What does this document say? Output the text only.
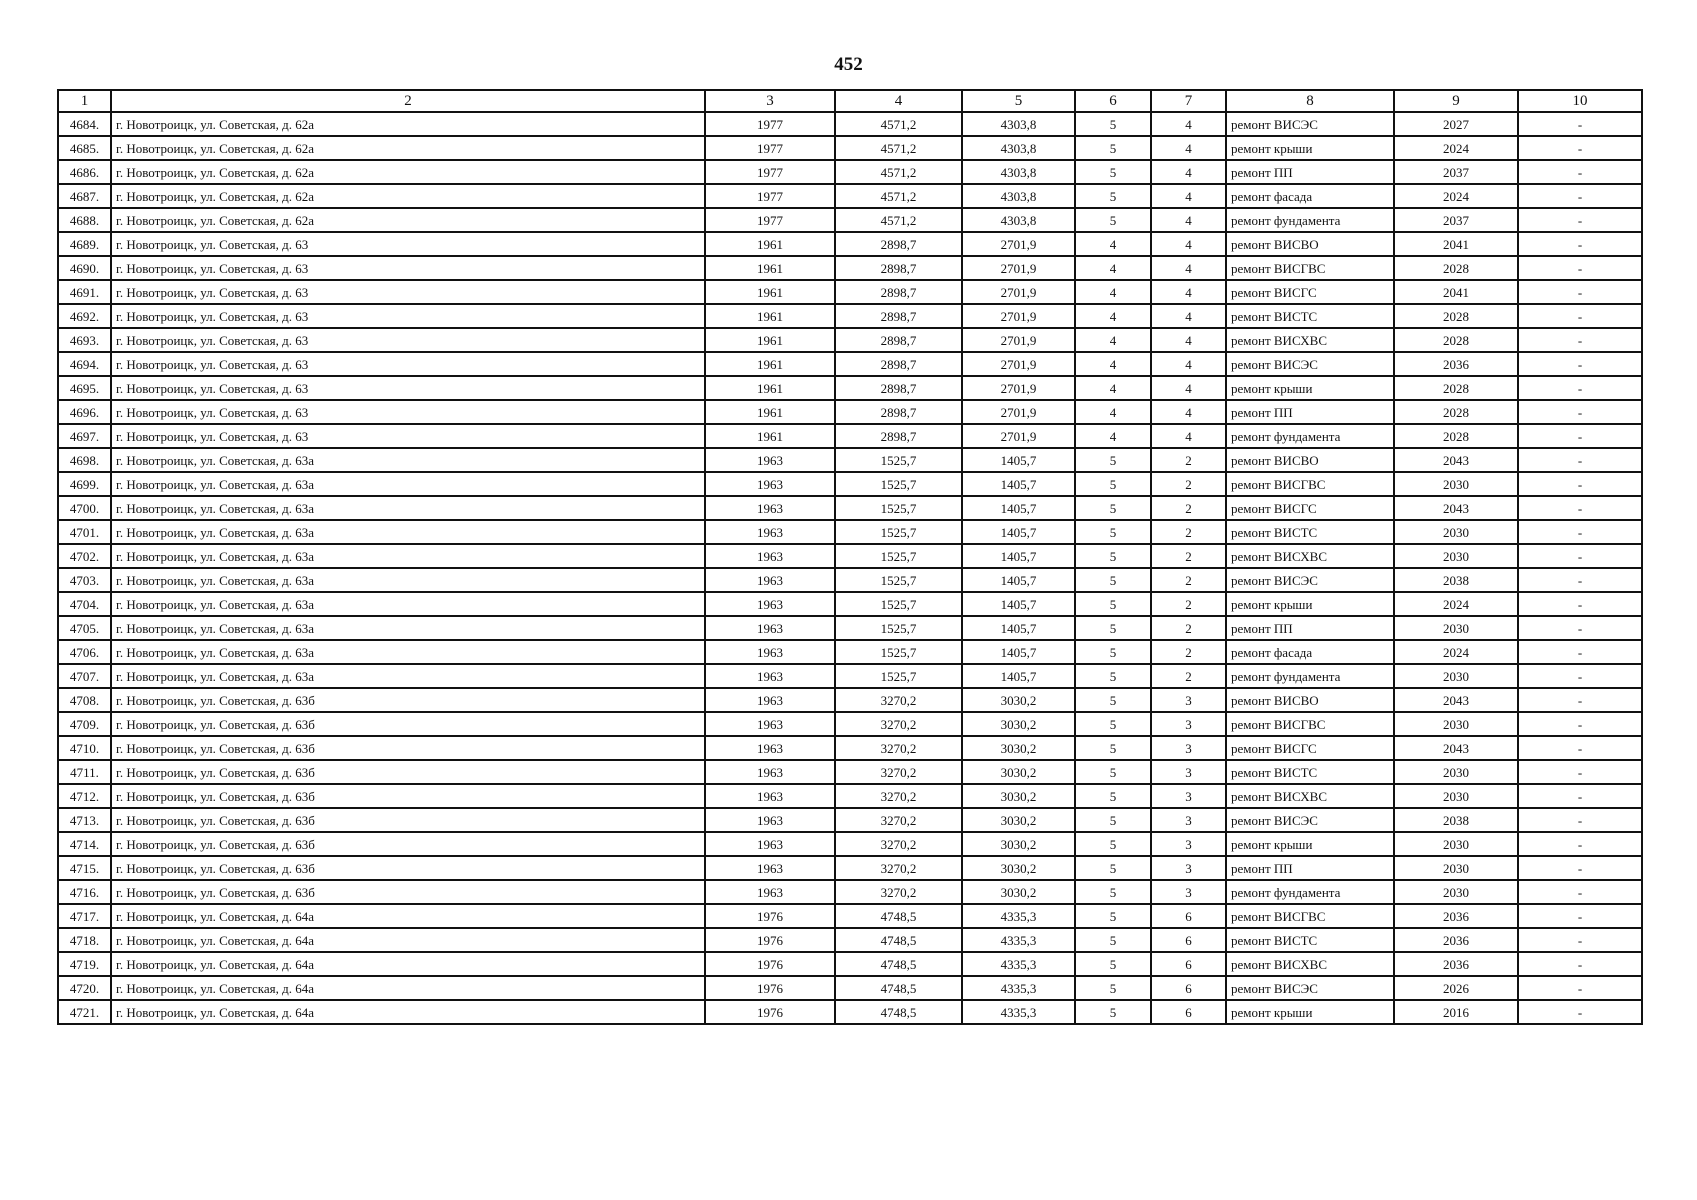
452
1	2	3	4	5	6	7	8	9	10
4684.	г. Новотроицк, ул. Советская, д. 62а	1977	4571,2	4303,8	5	4	ремонт ВИСЭС	2027	-
4685.	г. Новотроицк, ул. Советская, д. 62а	1977	4571,2	4303,8	5	4	ремонт крыши	2024	-
4686.	г. Новотроицк, ул. Советская, д. 62а	1977	4571,2	4303,8	5	4	ремонт ПП	2037	-
4687.	г. Новотроицк, ул. Советская, д. 62а	1977	4571,2	4303,8	5	4	ремонт фасада	2024	-
4688.	г. Новотроицк, ул. Советская, д. 62а	1977	4571,2	4303,8	5	4	ремонт фундамента	2037	-
4689.	г. Новотроицк, ул. Советская, д. 63	1961	2898,7	2701,9	4	4	ремонт ВИСВО	2041	-
4690.	г. Новотроицк, ул. Советская, д. 63	1961	2898,7	2701,9	4	4	ремонт ВИСГВС	2028	-
4691.	г. Новотроицк, ул. Советская, д. 63	1961	2898,7	2701,9	4	4	ремонт ВИСГС	2041	-
4692.	г. Новотроицк, ул. Советская, д. 63	1961	2898,7	2701,9	4	4	ремонт ВИСТС	2028	-
4693.	г. Новотроицк, ул. Советская, д. 63	1961	2898,7	2701,9	4	4	ремонт ВИСХВС	2028	-
4694.	г. Новотроицк, ул. Советская, д. 63	1961	2898,7	2701,9	4	4	ремонт ВИСЭС	2036	-
4695.	г. Новотроицк, ул. Советская, д. 63	1961	2898,7	2701,9	4	4	ремонт крыши	2028	-
4696.	г. Новотроицк, ул. Советская, д. 63	1961	2898,7	2701,9	4	4	ремонт ПП	2028	-
4697.	г. Новотроицк, ул. Советская, д. 63	1961	2898,7	2701,9	4	4	ремонт фундамента	2028	-
4698.	г. Новотроицк, ул. Советская, д. 63а	1963	1525,7	1405,7	5	2	ремонт ВИСВО	2043	-
4699.	г. Новотроицк, ул. Советская, д. 63а	1963	1525,7	1405,7	5	2	ремонт ВИСГВС	2030	-
4700.	г. Новотроицк, ул. Советская, д. 63а	1963	1525,7	1405,7	5	2	ремонт ВИСГС	2043	-
4701.	г. Новотроицк, ул. Советская, д. 63а	1963	1525,7	1405,7	5	2	ремонт ВИСТС	2030	-
4702.	г. Новотроицк, ул. Советская, д. 63а	1963	1525,7	1405,7	5	2	ремонт ВИСХВС	2030	-
4703.	г. Новотроицк, ул. Советская, д. 63а	1963	1525,7	1405,7	5	2	ремонт ВИСЭС	2038	-
4704.	г. Новотроицк, ул. Советская, д. 63а	1963	1525,7	1405,7	5	2	ремонт крыши	2024	-
4705.	г. Новотроицк, ул. Советская, д. 63а	1963	1525,7	1405,7	5	2	ремонт ПП	2030	-
4706.	г. Новотроицк, ул. Советская, д. 63а	1963	1525,7	1405,7	5	2	ремонт фасада	2024	-
4707.	г. Новотроицк, ул. Советская, д. 63а	1963	1525,7	1405,7	5	2	ремонт фундамента	2030	-
4708.	г. Новотроицк, ул. Советская, д. 63б	1963	3270,2	3030,2	5	3	ремонт ВИСВО	2043	-
4709.	г. Новотроицк, ул. Советская, д. 63б	1963	3270,2	3030,2	5	3	ремонт ВИСГВС	2030	-
4710.	г. Новотроицк, ул. Советская, д. 63б	1963	3270,2	3030,2	5	3	ремонт ВИСГС	2043	-
4711.	г. Новотроицк, ул. Советская, д. 63б	1963	3270,2	3030,2	5	3	ремонт ВИСТС	2030	-
4712.	г. Новотроицк, ул. Советская, д. 63б	1963	3270,2	3030,2	5	3	ремонт ВИСХВС	2030	-
4713.	г. Новотроицк, ул. Советская, д. 63б	1963	3270,2	3030,2	5	3	ремонт ВИСЭС	2038	-
4714.	г. Новотроицк, ул. Советская, д. 63б	1963	3270,2	3030,2	5	3	ремонт крыши	2030	-
4715.	г. Новотроицк, ул. Советская, д. 63б	1963	3270,2	3030,2	5	3	ремонт ПП	2030	-
4716.	г. Новотроицк, ул. Советская, д. 63б	1963	3270,2	3030,2	5	3	ремонт фундамента	2030	-
4717.	г. Новотроицк, ул. Советская, д. 64а	1976	4748,5	4335,3	5	6	ремонт ВИСГВС	2036	-
4718.	г. Новотроицк, ул. Советская, д. 64а	1976	4748,5	4335,3	5	6	ремонт ВИСТС	2036	-
4719.	г. Новотроицк, ул. Советская, д. 64а	1976	4748,5	4335,3	5	6	ремонт ВИСХВС	2036	-
4720.	г. Новотроицк, ул. Советская, д. 64а	1976	4748,5	4335,3	5	6	ремонт ВИСЭС	2026	-
4721.	г. Новотроицк, ул. Советская, д. 64а	1976	4748,5	4335,3	5	6	ремонт крыши	2016	-
